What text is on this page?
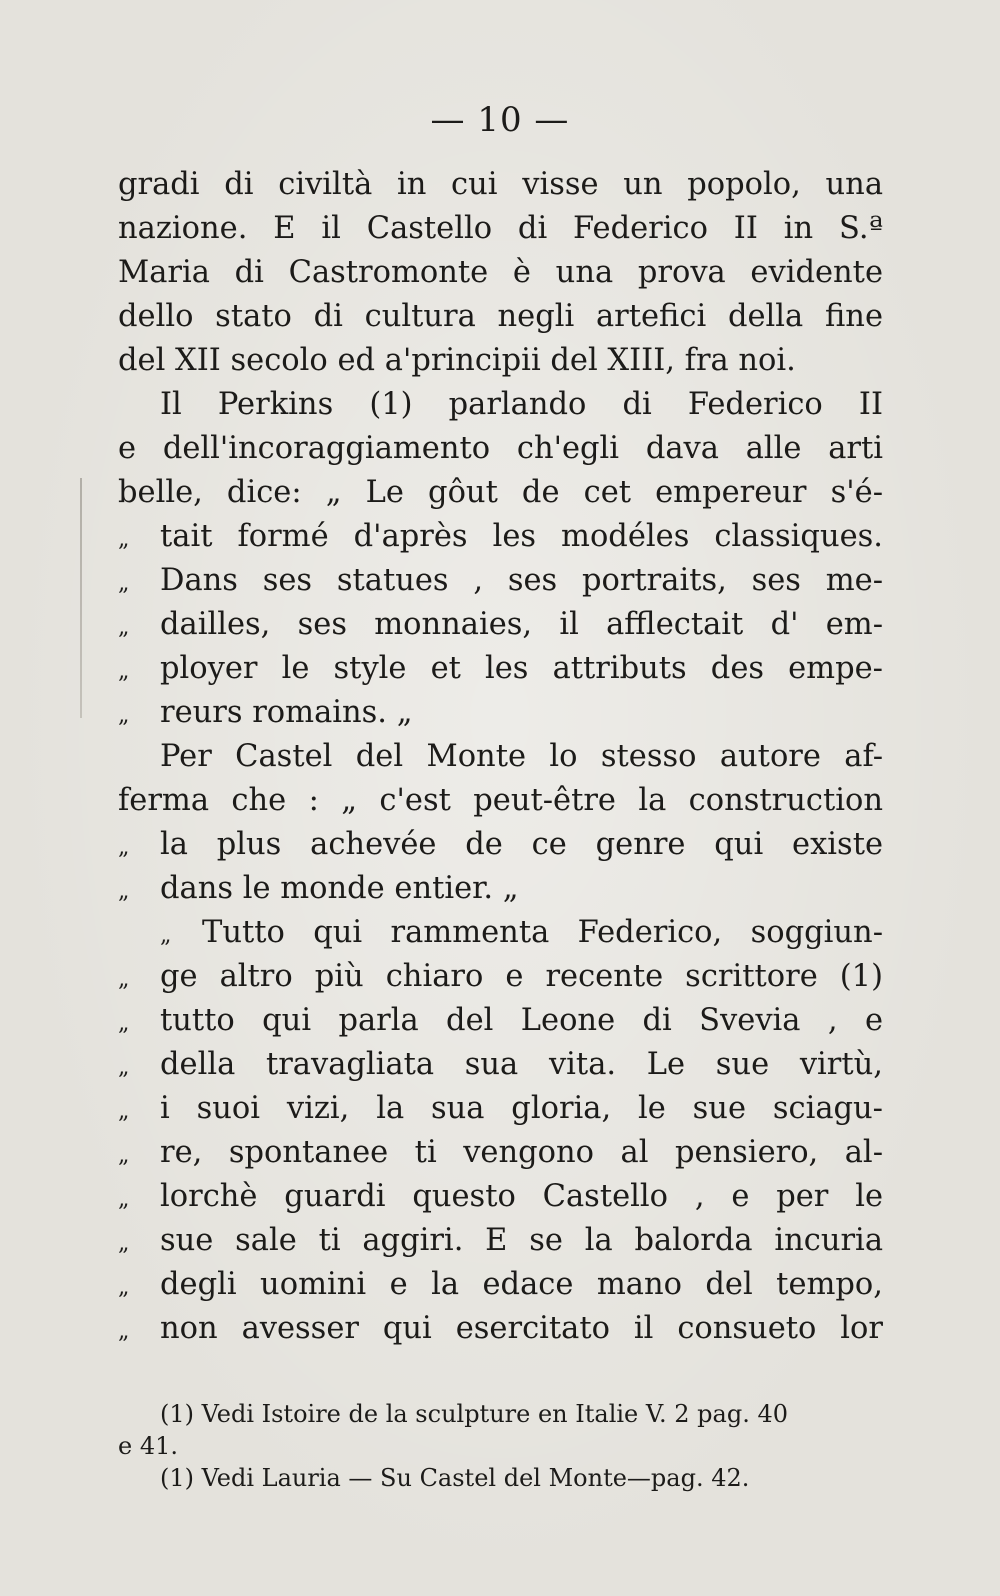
— 10 —
gradi di civiltà in cui visse un popolo, una
nazione. E il Castello di Federico II in S.ª
Maria di Castromonte è una prova evidente
dello stato di cultura negli artefici della fine
del XII secolo ed a'principii del XIII, fra noi.
Il Perkins (1) parlando di Federico II
e dell'incoraggiamento ch'egli dava alle arti
belle, dice: „ Le gôut de cet empereur s'é-
„	tait formé d'après les modéles classiques.
„	Dans ses statues , ses portraits, ses me-
„	dailles, ses monnaies, il afflectait d' em-
„	ployer le style et les attributs des empe-
„	reurs romains. „
Per Castel del Monte lo stesso autore af-
ferma che : „ c'est peut-être la construction
„	la plus achevée de ce genre qui existe
„	dans le monde entier. „
„	Tutto qui rammenta Federico, soggiun-
„	ge altro più chiaro e recente scrittore (1)
„	tutto qui parla del Leone di Svevia , e
„	della travagliata sua vita. Le sue virtù,
„	i suoi vizi, la sua gloria, le sue sciagu-
„	re, spontanee ti vengono al pensiero, al-
„	lorchè guardi questo Castello , e per le
„	sue sale ti aggiri. E se la balorda incuria
„	degli uomini e la edace mano del tempo,
„	non avesser qui esercitato il consueto lor
(1) Vedi Istoire de la sculpture en Italie V. 2 pag. 40
e 41.
(1) Vedi Lauria — Su Castel del Monte—pag. 42.
